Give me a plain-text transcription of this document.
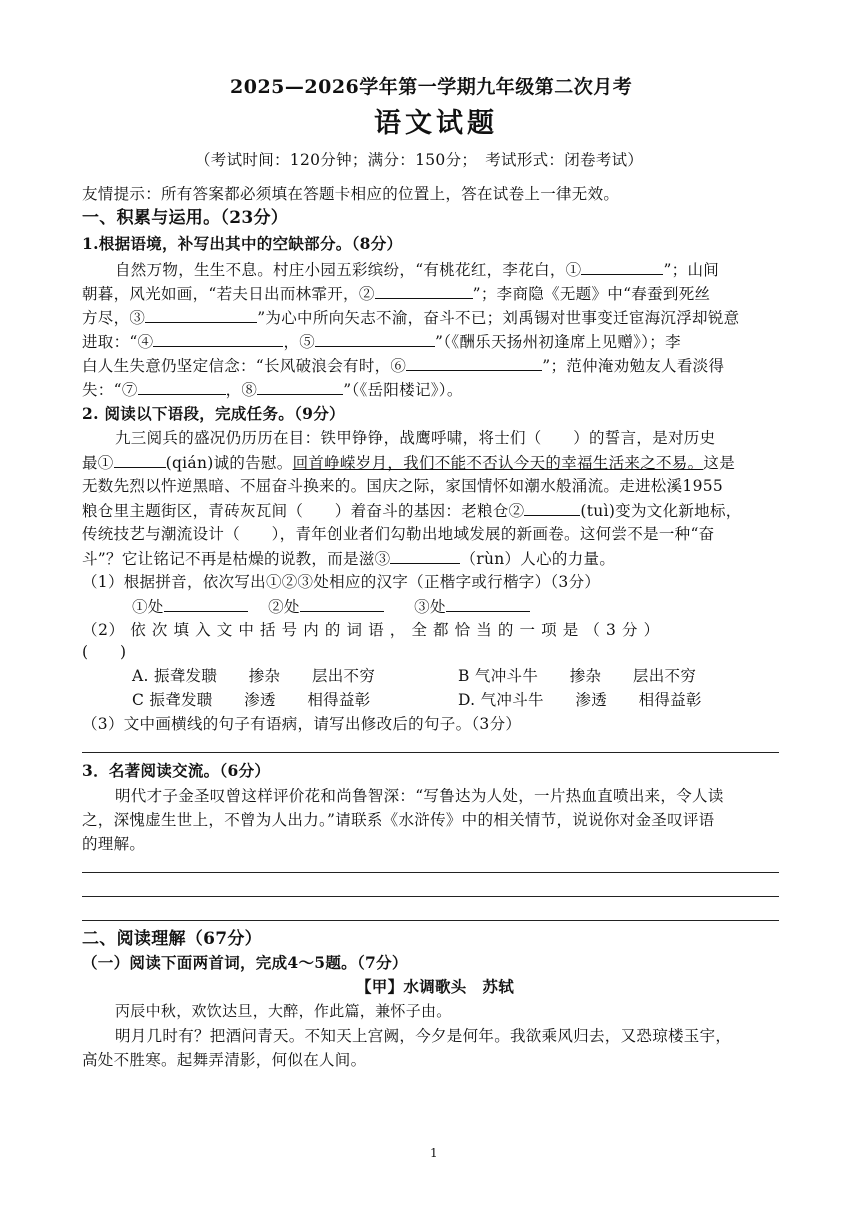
2025—2026学年第一学期九年级第二次月考
语文试题
（考试时间：120分钟；满分：150分；　考试形式：闭卷考试）
友情提示：所有答案都必须填在答题卡相应的位置上，答在试卷上一律无效。
一、积累与运用。（23分）
1.根据语境，补写出其中的空缺部分。（8分）
自然万物，生生不息。村庄小园五彩缤纷，“有桃花红，李花白，①	”；山间
朝暮，风光如画，“若夫日出而林霏开，②	”；李商隐《无题》中“春蚕到死丝
方尽，③	”为心中所向矢志不渝，奋斗不已；刘禹锡对世事变迁宦海沉浮却锐意
进取：“④	，⑤	”（《酬乐天扬州初逢席上见赠》）；李
白人生失意仍坚定信念：“长风破浪会有时，⑥	”；范仲淹劝勉友人看淡得
失：“⑦	，⑧	”（《岳阳楼记》）。
2. 阅读以下语段，完成任务。（9分）
九三阅兵的盛况仍历历在目：铁甲铮铮，战鹰呼啸，将士们（　　）的誓言，是对历史
最①	(qián)诚的告慰。回首峥嵘岁月，我们不能不否认今天的幸福生活来之不易。这是
无数先烈以忤逆黑暗、不屈奋斗换来的。国庆之际，家国情怀如潮水般涌流。走进松溪1955
粮仓里主题街区，青砖灰瓦间（　　）着奋斗的基因：老粮仓②	(tuì)变为文化新地标，
传统技艺与潮流设计（　　），青年创业者们勾勒出地域发展的新画卷。这何尝不是一种“奋
斗”？它让铭记不再是枯燥的说教，而是滋③	（rùn）人心的力量。
（1）根据拼音，依次写出①②③处相应的汉字（正楷字或行楷字）（3分）
①处	②处	③处
（2） 依 次 填 入 文 中 括 号 内 的 词 语 ， 全 都 恰 当 的 一 项 是 （ 3 分 ）
(　　)
A. 振聋发聩　　掺杂　　层出不穷	B 气冲斗牛　　掺杂　　层出不穷
C 振聋发聩　　渗透　　相得益彰	D. 气冲斗牛　　渗透　　相得益彰
（3）文中画横线的句子有语病，请写出修改后的句子。（3分）
3．名著阅读交流。（6分）
明代才子金圣叹曾这样评价花和尚鲁智深：“写鲁达为人处，一片热血直喷出来，令人读
之，深愧虚生世上，不曾为人出力。”请联系《水浒传》中的相关情节，说说你对金圣叹评语
的理解。
二、阅读理解（67分）
（一）阅读下面两首词，完成4～5题。（7分）
【甲】水调歌头　苏轼
丙辰中秋，欢饮达旦，大醉，作此篇，兼怀子由。
明月几时有？把酒问青天。不知天上宫阙，今夕是何年。我欲乘风归去，又恐琼楼玉宇，
高处不胜寒。起舞弄清影，何似在人间。
1
